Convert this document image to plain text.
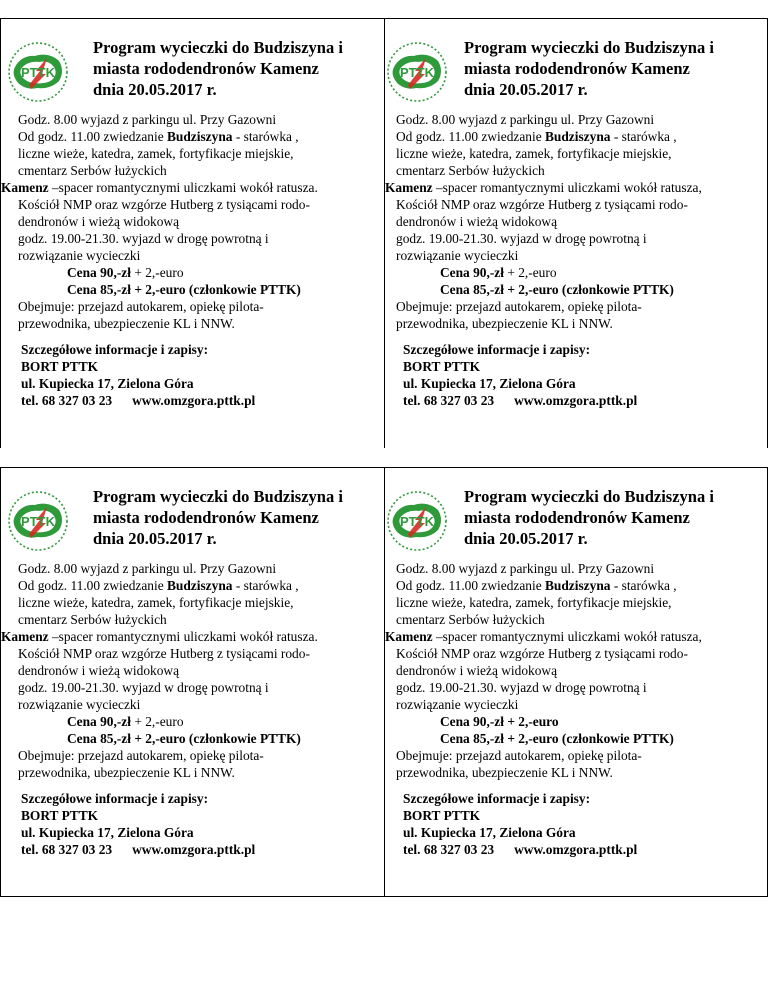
PTTK
Program wycieczki do Budziszyna i
miasta rododendronów Kamenz
dnia 20.05.2017 r.
Godz. 8.00 wyjazd z parkingu ul. Przy Gazowni
Od godz. 11.00 zwiedzanie Budziszyna - starówka ,
liczne wieże, katedra, zamek, fortyfikacje miejskie,
cmentarz Serbów łużyckich
Kamenz –spacer romantycznymi uliczkami wokół ratusza.
Kościół NMP oraz wzgórze Hutberg z tysiącami rodo-
dendronów i wieżą widokową
godz. 19.00-21.30. wyjazd w drogę powrotną i
rozwiązanie wycieczki
Cena 90,-zł + 2,-euro
Cena 85,-zł + 2,-euro (członkowie PTTK)
Obejmuje: przejazd autokarem, opiekę pilota-
przewodnika, ubezpieczenie KL i NNW.
Szczegółowe informacje i zapisy:
BORT PTTK
ul. Kupiecka 17, Zielona Góra
tel. 68 327 03 23 www.omzgora.pttk.pl
PTTK
Program wycieczki do Budziszyna i
miasta rododendronów Kamenz
dnia 20.05.2017 r.
Godz. 8.00 wyjazd z parkingu ul. Przy Gazowni
Od godz. 11.00 zwiedzanie Budziszyna - starówka ,
liczne wieże, katedra, zamek, fortyfikacje miejskie,
cmentarz Serbów łużyckich
Kamenz –spacer romantycznymi uliczkami wokół ratusza,
Kościół NMP oraz wzgórze Hutberg z tysiącami rodo-
dendronów i wieżą widokową
godz. 19.00-21.30. wyjazd w drogę powrotną i
rozwiązanie wycieczki
Cena 90,-zł + 2,-euro
Cena 85,-zł + 2,-euro (członkowie PTTK)
Obejmuje: przejazd autokarem, opiekę pilota-
przewodnika, ubezpieczenie KL i NNW.
Szczegółowe informacje i zapisy:
BORT PTTK
ul. Kupiecka 17, Zielona Góra
tel. 68 327 03 23 www.omzgora.pttk.pl
PTTK
Program wycieczki do Budziszyna i
miasta rododendronów Kamenz
dnia 20.05.2017 r.
Godz. 8.00 wyjazd z parkingu ul. Przy Gazowni
Od godz. 11.00 zwiedzanie Budziszyna - starówka ,
liczne wieże, katedra, zamek, fortyfikacje miejskie,
cmentarz Serbów łużyckich
Kamenz –spacer romantycznymi uliczkami wokół ratusza.
Kościół NMP oraz wzgórze Hutberg z tysiącami rodo-
dendronów i wieżą widokową
godz. 19.00-21.30. wyjazd w drogę powrotną i
rozwiązanie wycieczki
Cena 90,-zł + 2,-euro
Cena 85,-zł + 2,-euro (członkowie PTTK)
Obejmuje: przejazd autokarem, opiekę pilota-
przewodnika, ubezpieczenie KL i NNW.
Szczegółowe informacje i zapisy:
BORT PTTK
ul. Kupiecka 17, Zielona Góra
tel. 68 327 03 23 www.omzgora.pttk.pl
PTTK
Program wycieczki do Budziszyna i
miasta rododendronów Kamenz
dnia 20.05.2017 r.
Godz. 8.00 wyjazd z parkingu ul. Przy Gazowni
Od godz. 11.00 zwiedzanie Budziszyna - starówka ,
liczne wieże, katedra, zamek, fortyfikacje miejskie,
cmentarz Serbów łużyckich
Kamenz –spacer romantycznymi uliczkami wokół ratusza,
Kościół NMP oraz wzgórze Hutberg z tysiącami rodo-
dendronów i wieżą widokową
godz. 19.00-21.30. wyjazd w drogę powrotną i
rozwiązanie wycieczki
Cena 90,-zł + 2,-euro
Cena 85,-zł + 2,-euro (członkowie PTTK)
Obejmuje: przejazd autokarem, opiekę pilota-
przewodnika, ubezpieczenie KL i NNW.
Szczegółowe informacje i zapisy:
BORT PTTK
ul. Kupiecka 17, Zielona Góra
tel. 68 327 03 23 www.omzgora.pttk.pl
